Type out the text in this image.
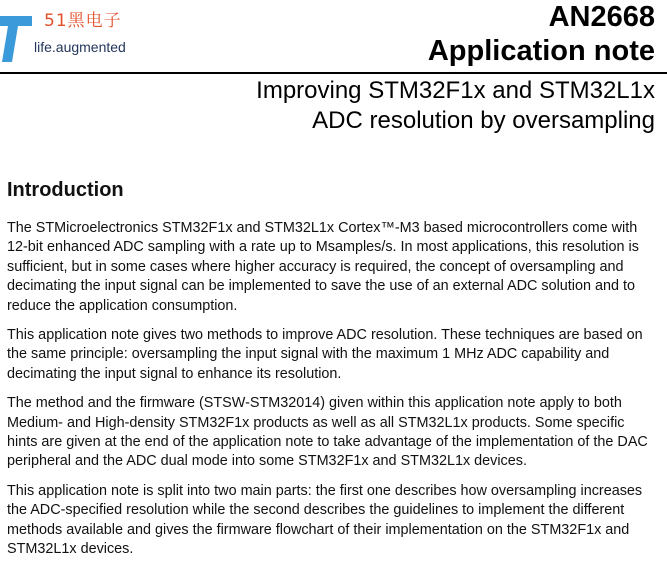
51黑电子
life.augmented
AN2668
Application note
Improving STM32F1x and STM32L1x
ADC resolution by oversampling
Introduction

The STMicroelectronics STM32F1x and STM32L1x Cortex™-M3 based microcontrollers come with 12-bit enhanced ADC sampling with a rate up to Msamples/s. In most applications, this resolution is sufficient, but in some cases where higher accuracy is required, the concept of oversampling and decimating the input signal can be implemented to save the use of an external ADC solution and to reduce the application consumption.

This application note gives two methods to improve ADC resolution. These techniques are based on the same principle: oversampling the input signal with the maximum 1 MHz ADC capability and decimating the input signal to enhance its resolution.

The method and the firmware (STSW-STM32014) given within this application note apply to both Medium- and High-density STM32F1x products as well as all STM32L1x products. Some specific hints are given at the end of the application note to take advantage of the implementation of the DAC peripheral and the ADC dual mode into some STM32F1x and STM32L1x devices.

This application note is split into two main parts: the first one describes how oversampling increases the ADC-specified resolution while the second describes the guidelines to implement the different methods available and gives the firmware flowchart of their implementation on the STM32F1x and STM32L1x devices.
